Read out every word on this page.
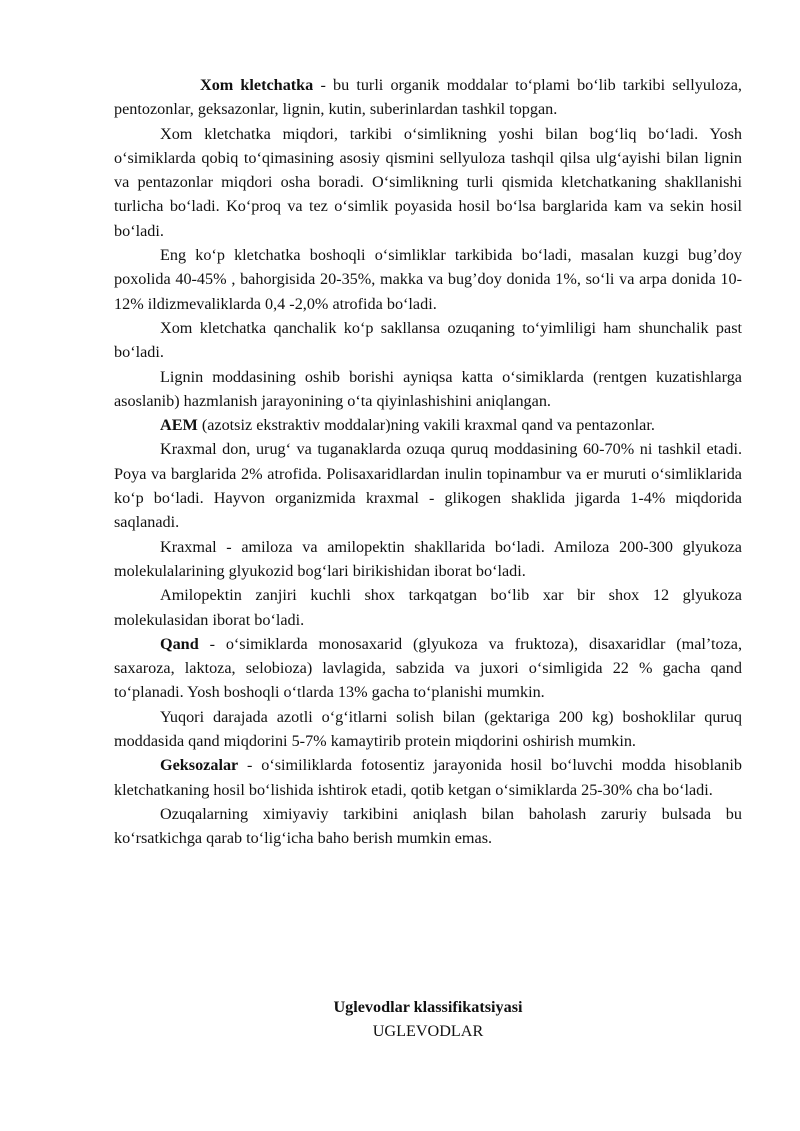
Xom kletchatka - bu turli organik moddalar to‘plami bo‘lib tarkibi sellyuloza, pentozonlar, geksazonlar, lignin, kutin, suberinlardan tashkil topgan.

Xom kletchatka miqdori, tarkibi o‘simlikning yoshi bilan bog‘liq bo‘ladi. Yosh o‘simiklarda qobiq to‘qimasining asosiy qismini sellyuloza tashqil qilsa ulg‘ayishi bilan lignin va pentazonlar miqdori osha boradi. O‘simlikning turli qismida kletchatkaning shakllanishi turlicha bo‘ladi. Ko‘proq va tez o‘simlik poyasida hosil bo‘lsa barglarida kam va sekin hosil bo‘ladi.

Eng ko‘p kletchatka boshoqli o‘simliklar tarkibida bo‘ladi, masalan kuzgi bug’doy poxolida 40-45% , bahorgisida 20-35%, makka va bug’doy donida 1%, so‘li va arpa donida 10-12% ildizmevaliklarda 0,4 -2,0% atrofida bo‘ladi.

Xom kletchatka qanchalik ko‘p sakllansa ozuqaning to‘yimliligi ham shunchalik past bo‘ladi.

Lignin moddasining oshib borishi ayniqsa katta o‘simiklarda (rentgen kuzatishlarga asoslanib) hazmlanish jarayonining o‘ta qiyinlashishini aniqlangan.

AEM (azotsiz ekstraktiv moddalar)ning vakili kraxmal qand va pentazonlar.

Kraxmal don, urug‘ va tuganaklarda ozuqa quruq moddasining 60-70% ni tashkil etadi. Poya va barglarida 2% atrofida. Polisaxaridlardan inulin topinambur va er muruti o‘simliklarida ko‘p bo‘ladi. Hayvon organizmida kraxmal - glikogen shaklida jigarda 1-4% miqdorida saqlanadi.

Kraxmal - amiloza va amilopektin shakllarida bo‘ladi. Amiloza 200-300 glyukoza molekulalarining glyukozid bog‘lari birikishidan iborat bo‘ladi.

Amilopektin zanjiri kuchli shox tarkqatgan bo‘lib xar bir shox 12 glyukoza molekulasidan iborat bo‘ladi.

Qand - o‘simiklarda monosaxarid (glyukoza va fruktoza), disaxaridlar (mal’toza, saxaroza, laktoza, selobioza) lavlagida, sabzida va juxori o‘simligida 22 % gacha qand to‘planadi. Yosh boshoqli o‘tlarda 13% gacha to‘planishi mumkin.

Yuqori darajada azotli o‘g‘itlarni solish bilan (gektariga 200 kg) boshoklilar quruq moddasida qand miqdorini 5-7% kamaytirib protein miqdorini oshirish mumkin.

Geksozalar - o‘similiklarda fotosentiz jarayonida hosil bo‘luvchi modda hisoblanib kletchatkaning hosil bo‘lishida ishtirok etadi, qotib ketgan o‘simiklarda 25-30% cha bo‘ladi.

Ozuqalarning ximiyaviy tarkibini aniqlash bilan baholash zaruriy bulsada bu ko‘rsatkichga qarab to‘lig‘icha baho berish mumkin emas.

Uglevodlar klassifikatsiyasi
UGLEVODLAR
